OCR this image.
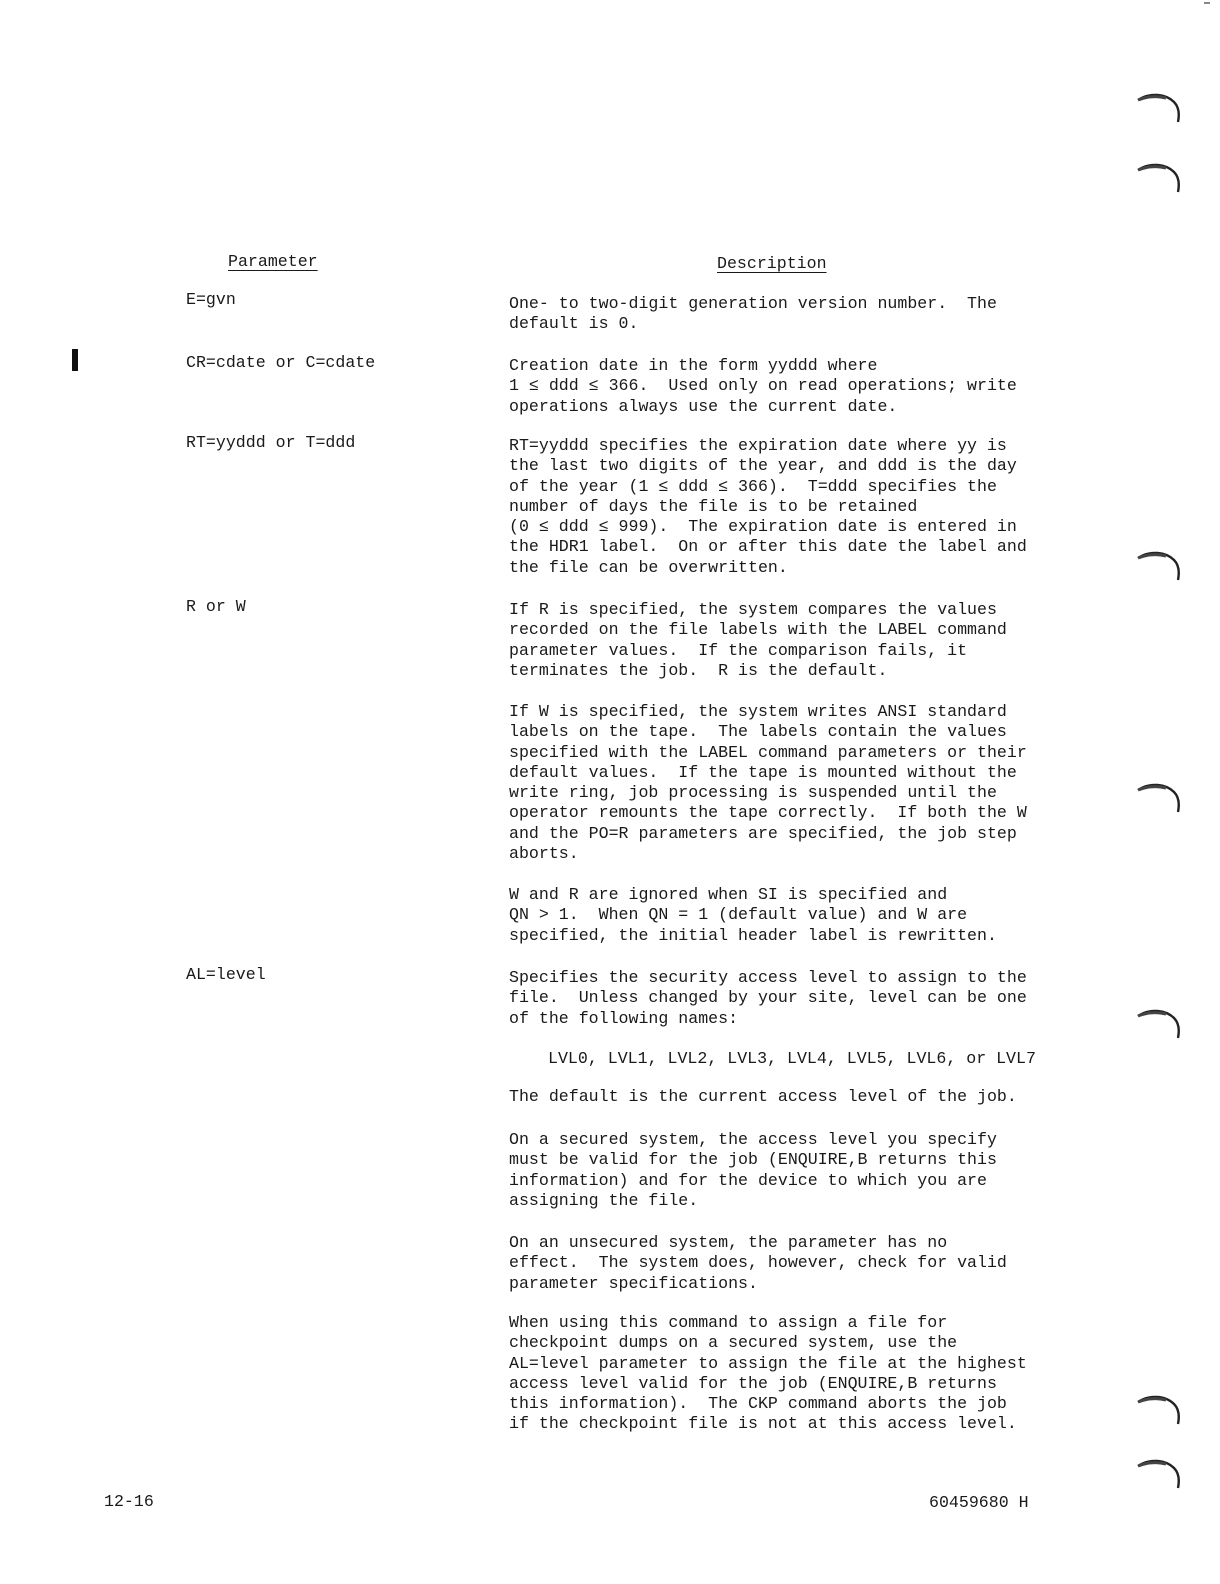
Parameter	Description
E=gvn	One- to two-digit generation version number.  The
default is 0.
CR=cdate or C=cdate	Creation date in the form yyddd where
1 ≤ ddd ≤ 366.  Used only on read operations; write
operations always use the current date.
RT=yyddd or T=ddd	RT=yyddd specifies the expiration date where yy is
the last two digits of the year, and ddd is the day
of the year (1 ≤ ddd ≤ 366).  T=ddd specifies the
number of days the file is to be retained
(0 ≤ ddd ≤ 999).  The expiration date is entered in
the HDR1 label.  On or after this date the label and
the file can be overwritten.
R or W	If R is specified, the system compares the values
recorded on the file labels with the LABEL command
parameter values.  If the comparison fails, it
terminates the job.  R is the default.
If W is specified, the system writes ANSI standard
labels on the tape.  The labels contain the values
specified with the LABEL command parameters or their
default values.  If the tape is mounted without the
write ring, job processing is suspended until the
operator remounts the tape correctly.  If both the W
and the PO=R parameters are specified, the job step
aborts.
W and R are ignored when SI is specified and
QN > 1.  When QN = 1 (default value) and W are
specified, the initial header label is rewritten.
AL=level	Specifies the security access level to assign to the
file.  Unless changed by your site, level can be one
of the following names:
LVL0, LVL1, LVL2, LVL3, LVL4, LVL5, LVL6, or LVL7
The default is the current access level of the job.
On a secured system, the access level you specify
must be valid for the job (ENQUIRE,B returns this
information) and for the device to which you are
assigning the file.
On an unsecured system, the parameter has no
effect.  The system does, however, check for valid
parameter specifications.
When using this command to assign a file for
checkpoint dumps on a secured system, use the
AL=level parameter to assign the file at the highest
access level valid for the job (ENQUIRE,B returns
this information).  The CKP command aborts the job
if the checkpoint file is not at this access level.
12-16	60459680 H
